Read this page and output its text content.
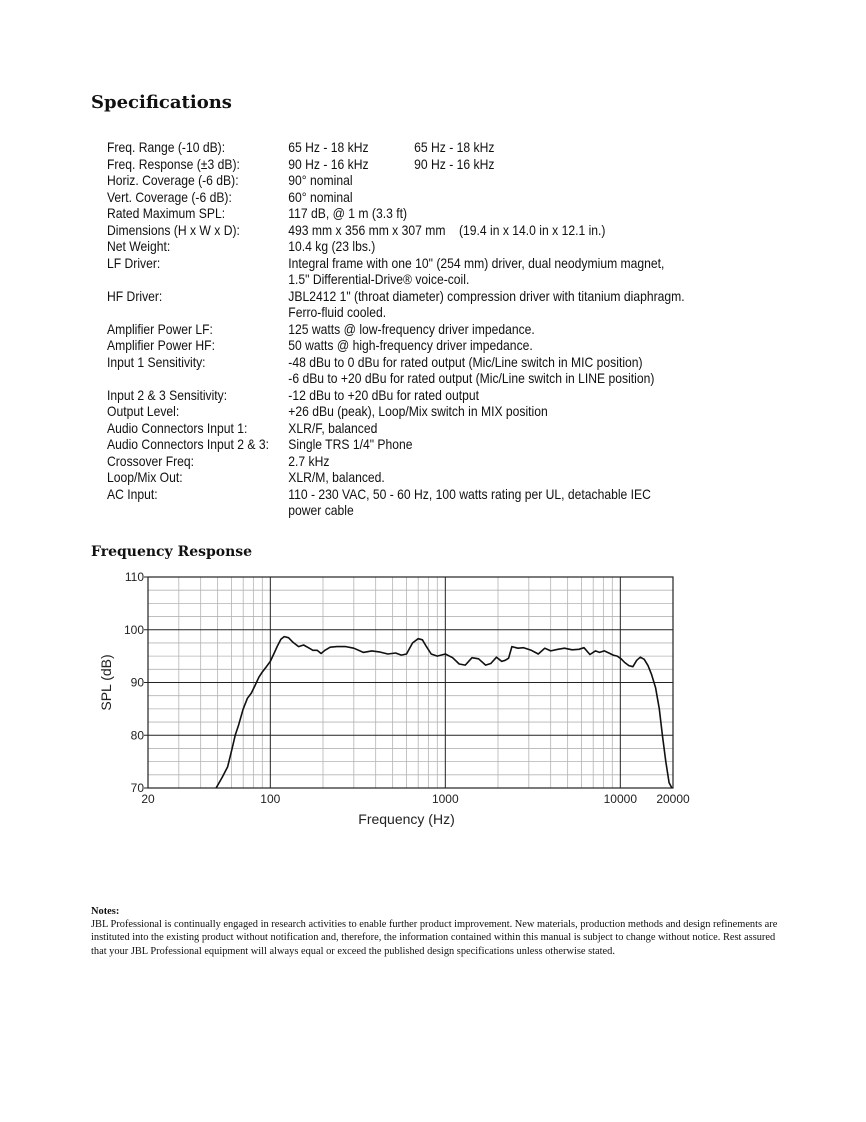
Specifications
Freq. Range (-10 dB):	65 Hz - 18 kHz	65 Hz - 18 kHz
Freq. Response (±3 dB):	90 Hz - 16 kHz	90 Hz - 16 kHz
Horiz. Coverage (-6 dB):	90° nominal
Vert. Coverage (-6 dB):	60° nominal
Rated Maximum SPL:	117 dB, @ 1 m (3.3 ft)
Dimensions (H x W x D):	493 mm x 356 mm x 307 mm    (19.4 in x 14.0 in x 12.1 in.)
Net Weight:	10.4 kg (23 lbs.)
LF Driver:	Integral frame with one 10" (254 mm) driver, dual neodymium magnet,
1.5" Differential-Drive® voice-coil.
HF Driver:	JBL2412 1" (throat diameter) compression driver with titanium diaphragm.
Ferro-fluid cooled.
Amplifier Power LF:	125 watts @ low-frequency driver impedance.
Amplifier Power HF:	50 watts @ high-frequency driver impedance.
Input 1 Sensitivity:	-48 dBu to 0 dBu for rated output (Mic/Line switch in MIC position)
-6 dBu to +20 dBu for rated output (Mic/Line switch in LINE position)
Input 2 & 3 Sensitivity:	-12 dBu to +20 dBu for rated output
Output Level:	+26 dBu (peak), Loop/Mix switch in MIX position
Audio Connectors Input 1:	XLR/F, balanced
Audio Connectors Input 2 & 3:	Single TRS 1/4" Phone
Crossover Freq:	2.7 kHz
Loop/Mix Out:	XLR/M, balanced.
AC Input:	110 - 230 VAC, 50 - 60 Hz, 100 watts rating per UL, detachable IEC
power cable
Frequency Response
70
80
90
100
110
20	100	1000	10000 20000
Frequency (Hz)
SPL (dB)
Notes:
JBL Professional is continually engaged in research activities to enable further product improvement. New materials, production methods and design refinements are instituted into the existing product without notification and, therefore, the information contained within this manual is subject to change without notice. Rest assured that your JBL Professional equipment will always equal or exceed the published design specifications unless otherwise stated.
